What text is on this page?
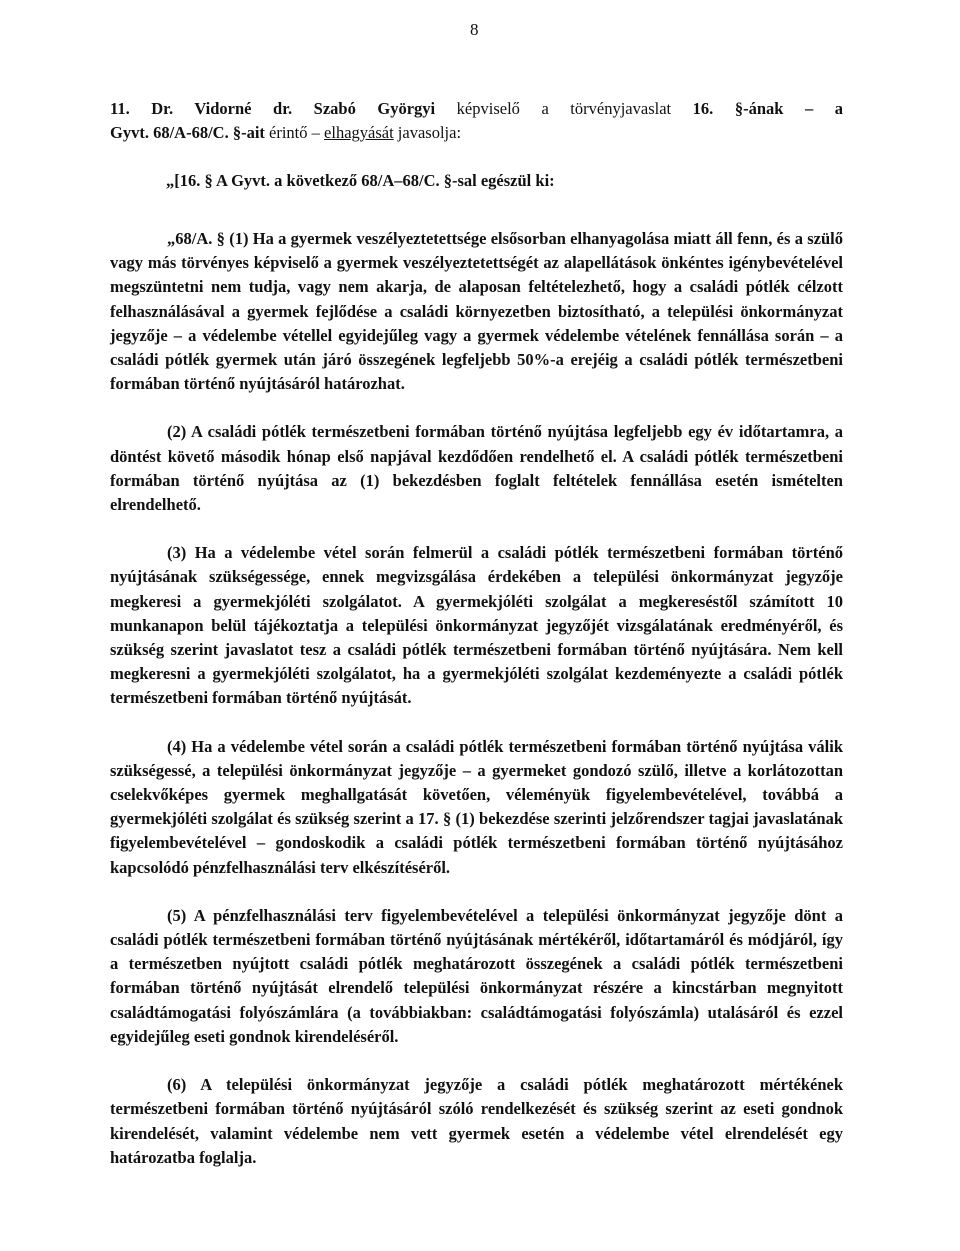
8
11. Dr. Vidorné dr. Szabó Györgyi képviselő a törvényjavaslat 16. §-ának – a
Gyvt. 68/A-68/C. §-ait érintő – elhagyását javasolja:
„[16. § A Gyvt. a következő 68/A–68/C. §-sal egészül ki:

„68/A. § (1) Ha a gyermek veszélyeztetettsége elsősorban elhanyagolása miatt áll fenn, és a szülő vagy más törvényes képviselő a gyermek veszélyeztetettségét az alapellátások önkéntes igénybevételével megszüntetni nem tudja, vagy nem akarja, de alaposan feltételezhető, hogy a családi pótlék célzott felhasználásával a gyermek fejlődése a családi környezetben biztosítható, a települési önkormányzat jegyzője – a védelembe vétellel egyidejűleg vagy a gyermek védelembe vételének fennállása során – a családi pótlék gyermek után járó összegének legfeljebb 50%-a erejéig a családi pótlék természetbeni formában történő nyújtásáról határozhat.

(2) A családi pótlék természetbeni formában történő nyújtása legfeljebb egy év időtartamra, a döntést követő második hónap első napjával kezdődően rendelhető el. A családi pótlék természetbeni formában történő nyújtása az (1) bekezdésben foglalt feltételek fennállása esetén ismételten elrendelhető.

(3) Ha a védelembe vétel során felmerül a családi pótlék természetbeni formában történő nyújtásának szükségessége, ennek megvizsgálása érdekében a települési önkormányzat jegyzője megkeresi a gyermekjóléti szolgálatot. A gyermekjóléti szolgálat a megkereséstől számított 10 munkanapon belül tájékoztatja a települési önkormányzat jegyzőjét vizsgálatának eredményéről, és szükség szerint javaslatot tesz a családi pótlék természetbeni formában történő nyújtására. Nem kell megkeresni a gyermekjóléti szolgálatot, ha a gyermekjóléti szolgálat kezdeményezte a családi pótlék természetbeni formában történő nyújtását.

(4) Ha a védelembe vétel során a családi pótlék természetbeni formában történő nyújtása válik szükségessé, a települési önkormányzat jegyzője – a gyermeket gondozó szülő, illetve a korlátozottan cselekvőképes gyermek meghallgatását követően, véleményük figyelembevételével, továbbá a gyermekjóléti szolgálat és szükség szerint a 17. § (1) bekezdése szerinti jelzőrendszer tagjai javaslatának figyelembevételével – gondoskodik a családi pótlék természetbeni formában történő nyújtásához kapcsolódó pénzfelhasználási terv elkészítéséről.

(5) A pénzfelhasználási terv figyelembevételével a települési önkormányzat jegyzője dönt a családi pótlék természetbeni formában történő nyújtásának mértékéről, időtartamáról és módjáról, így a természetben nyújtott családi pótlék meghatározott összegének a családi pótlék természetbeni formában történő nyújtását elrendelő települési önkormányzat részére a kincstárban megnyitott családtámogatási folyószámlára (a továbbiakban: családtámogatási folyószámla) utalásáról és ezzel egyidejűleg eseti gondnok kirendeléséről.

(6) A települési önkormányzat jegyzője a családi pótlék meghatározott mértékének természetbeni formában történő nyújtásáról szóló rendelkezését és szükség szerint az eseti gondnok kirendelését, valamint védelembe nem vett gyermek esetén a védelembe vétel elrendelését egy határozatba foglalja.
